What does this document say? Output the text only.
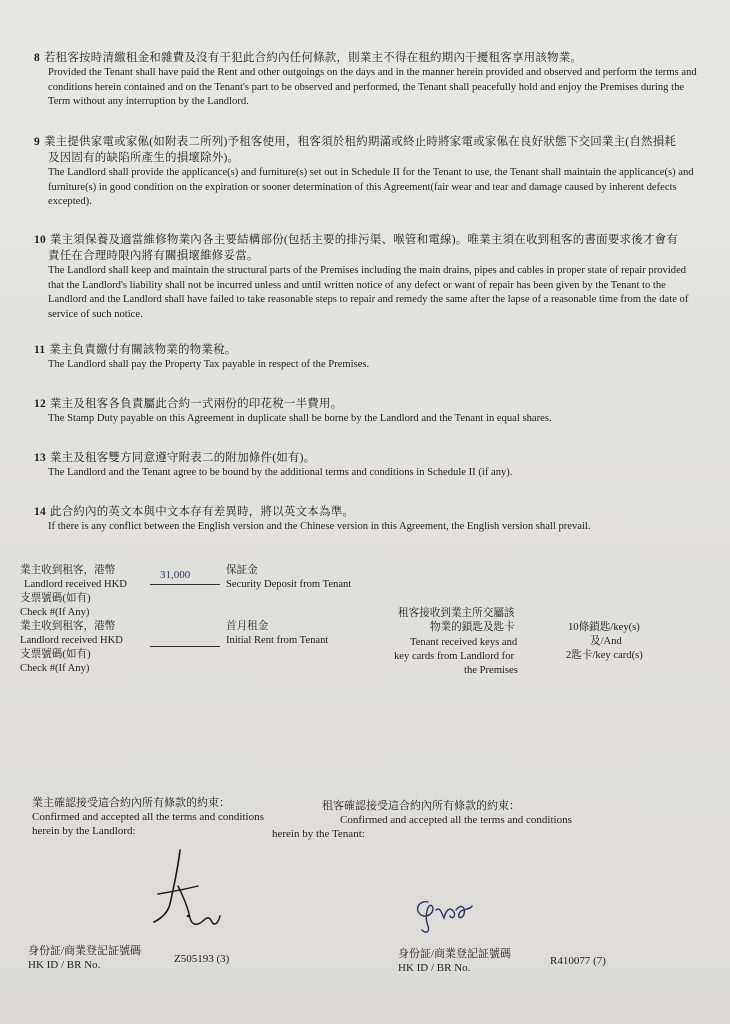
8 若租客按時清繳租金和雜費及沒有干犯此合約內任何條款，則業主不得在租約期內干擾租客享用該物業。
Provided the Tenant shall have paid the Rent and other outgoings on the days and in the manner herein provided and observed and perform the terms and conditions herein contained and on the Tenant's part to be observed and performed, the Tenant shall peacefully hold and enjoy the Premises during the Term without any interruption by the Landlord.
9 業主提供家電或家俬(如附表二所列)予租客使用，租客須於租約期滿或終止時將家電或家俬在良好狀態下交回業主(自然損耗
及因固有的缺陷所產生的損壞除外)。
The Landlord shall provide the applicance(s) and furniture(s) set out in Schedule II for the Tenant to use, the Tenant shall maintain the applicance(s) and furniture(s) in good condition on the expiration or sooner determination of this Agreement(fair wear and tear and damage caused by inherent defects excepted).
10 業主須保養及適當維修物業內各主要結構部份(包括主要的排污渠、喉管和電線)。唯業主須在收到租客的書面要求後才會有
責任在合理時限內將有關損壞維修妥當。
The Landlord shall keep and maintain the structural parts of the Premises including the main drains, pipes and cables in proper state of repair provided that the Landlord's liability shall not be incurred unless and until written notice of any defect or want of repair has been given by the Tenant to the Landlord and the Landlord shall have failed to take reasonable steps to repair and remedy the same after the lapse of a reasonable time from the date of service of such notice.
11 業主負責繳付有關該物業的物業稅。
The Landlord shall pay the Property Tax payable in respect of the Premises.
12 業主及租客各負責屬此合約一式兩份的印花稅一半費用。
The Stamp Duty payable on this Agreement in duplicate shall be borne by the Landlord and the Tenant in equal shares.
13 業主及租客雙方同意遵守附表二的附加條件(如有)。
The Landlord and the Tenant agree to be bound by the additional terms and conditions in Schedule II (if any).
14 此合約內的英文本與中文本存有差異時，將以英文本為準。
If there is any conflict between the English version and the Chinese version in this Agreement, the English version shall prevail.
業主收到租客，港幣
Landlord received HKD
31,000	保証金
Security Deposit from Tenant
支票號碼(如有)
Check #(If Any)
業主收到租客，港幣
Landlord received HKD
首月租金
Initial Rent from Tenant
支票號碼(如有)
Check #(If Any)
租客接收到業主所交屬該
物業的鎖匙及匙卡
Tenant received keys and
key cards from Landlord for
the Premises
10條鎖匙/key(s)
及/And
2匙卡/key card(s)
業主確認接受這合約內所有條款的約束：
Confirmed and accepted all the terms and conditions
herein by the Landlord:
租客確認接受這合約內所有條款的約束：
Confirmed and accepted all the terms and conditions
herein by the Tenant:
身份証/商業登記証號碼
HK ID / BR No.	Z505193 (3)	身份証/商業登記証號碼
HK ID / BR No.
R410077 (7)
